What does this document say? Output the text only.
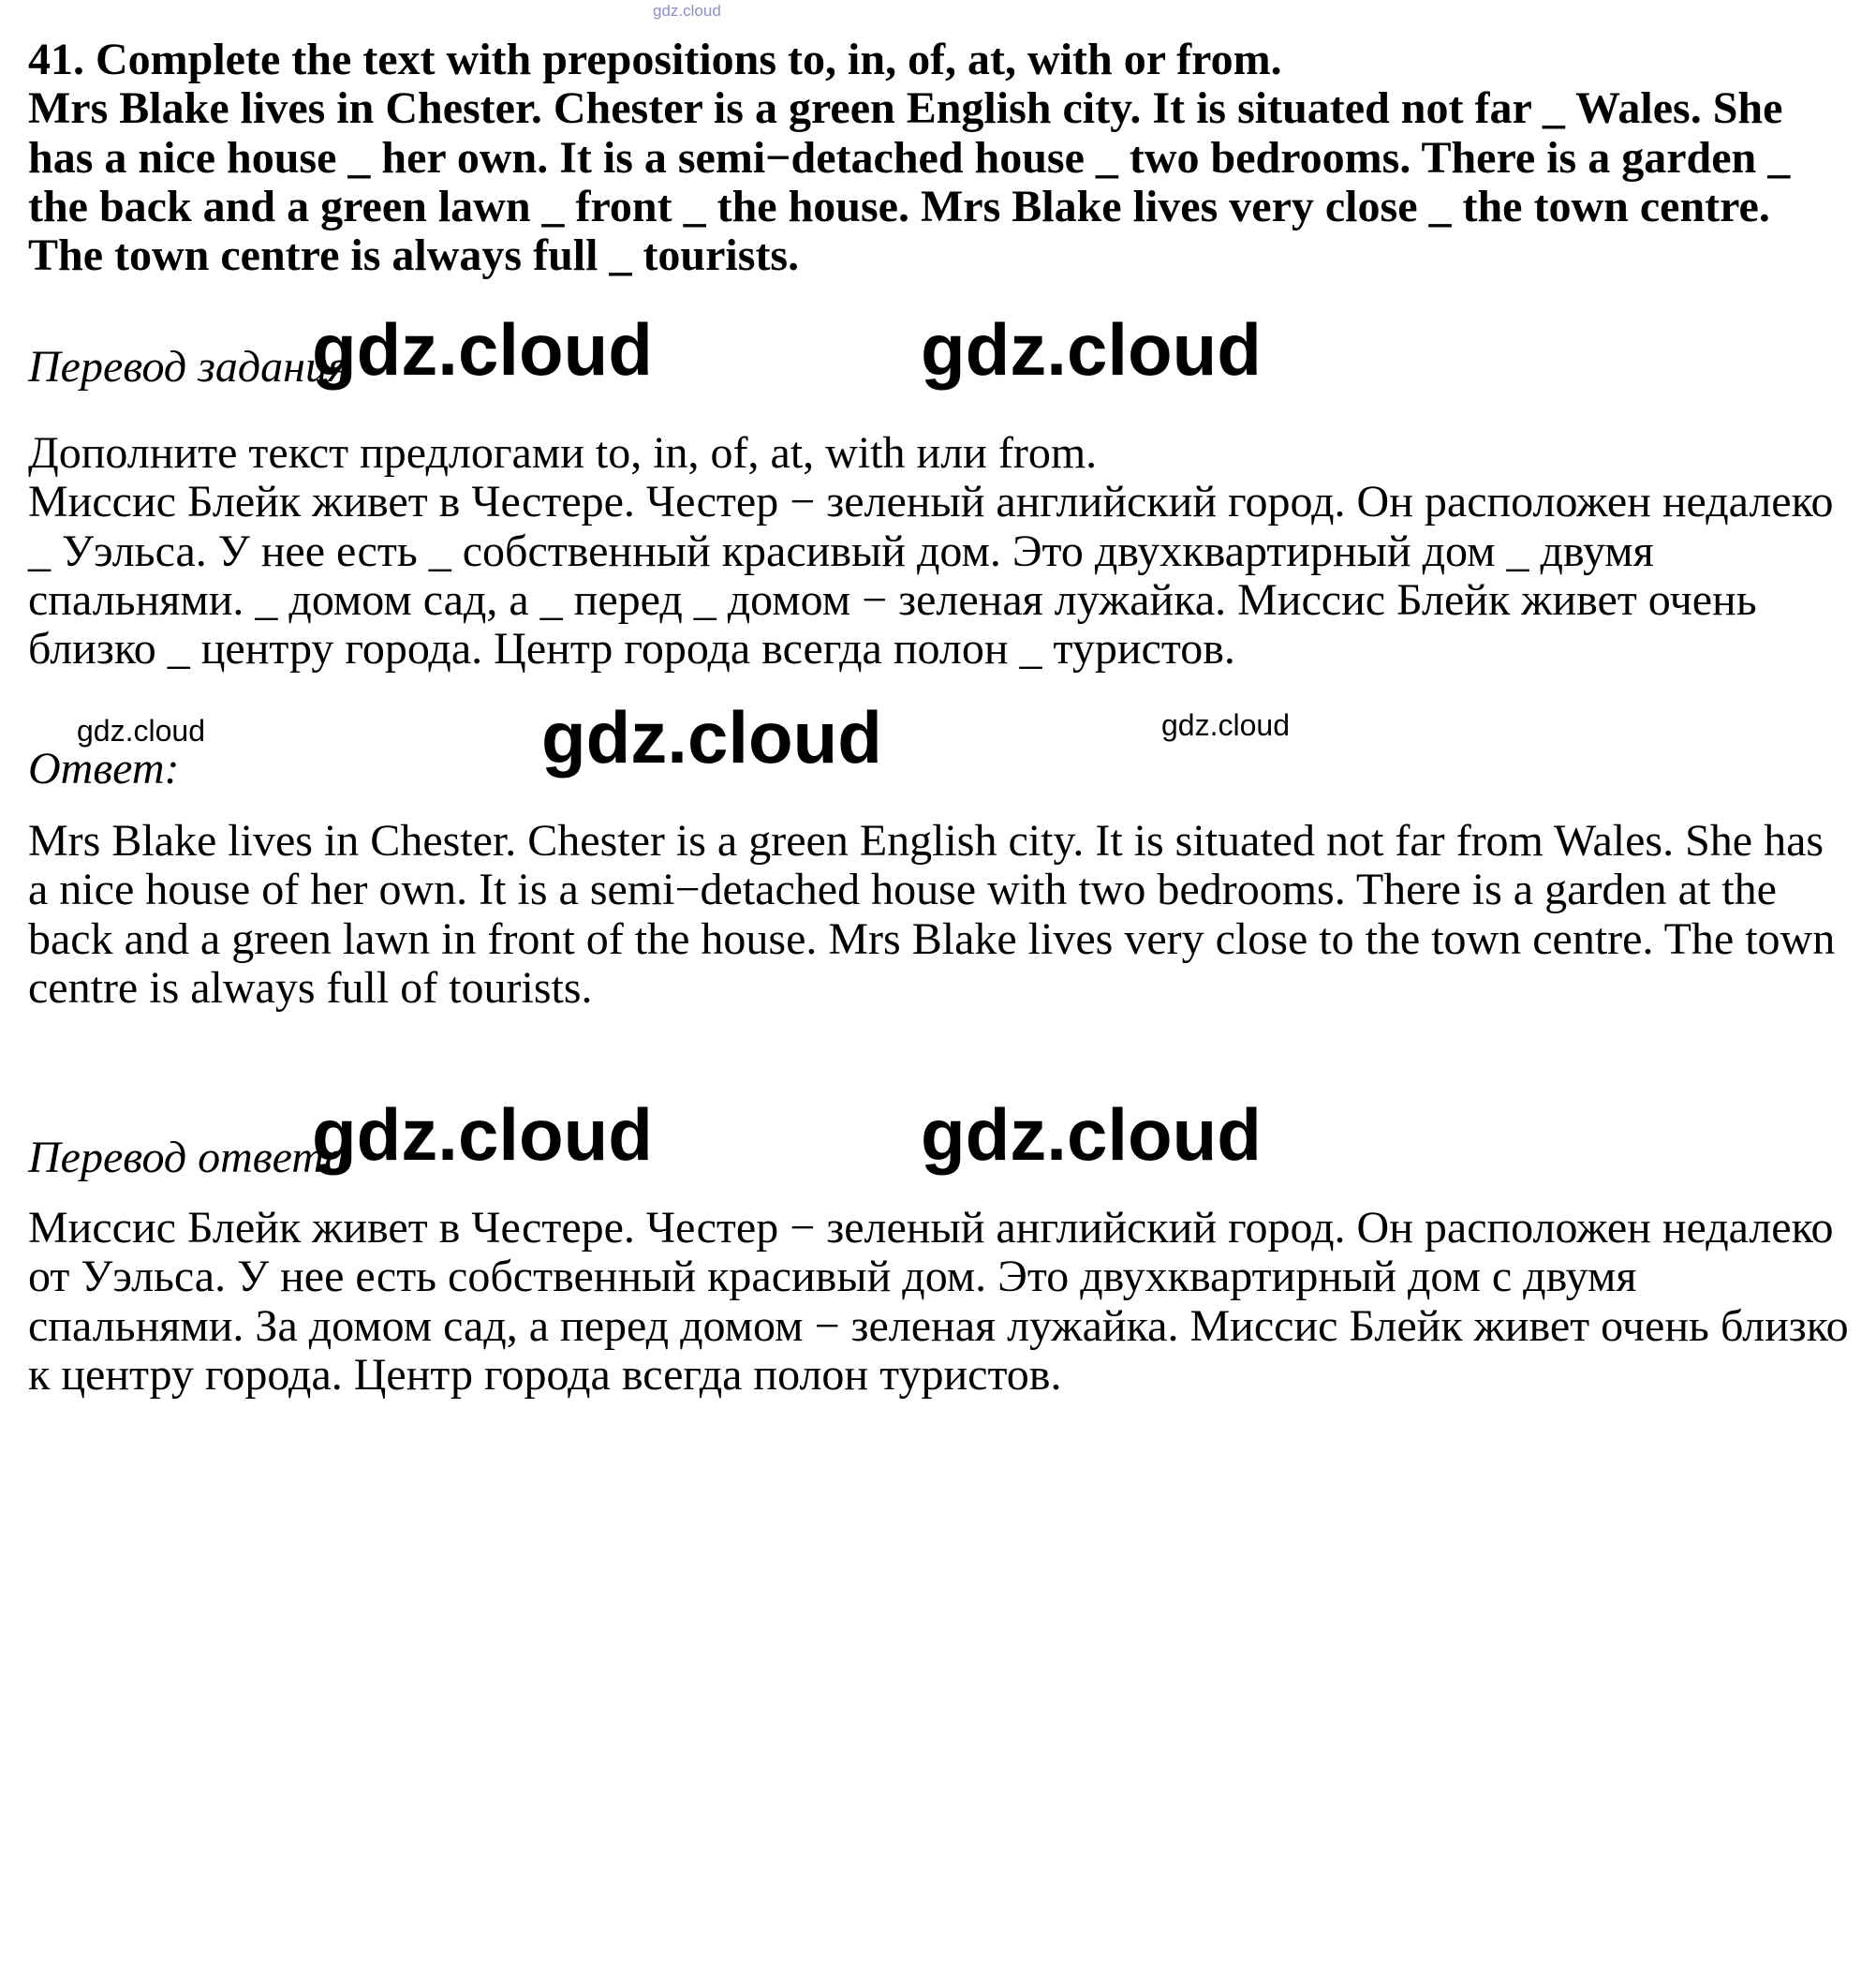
gdz.cloud

41. Complete the text with prepositions to, in, of, at, with or from.

Mrs Blake lives in Chester. Chester is a green English city. It is situated not far _ Wales. She has a nice house _ her own. It is a semi−detached house _ two bedrooms. There is a garden _ the back and a green lawn _ front _ the house. Mrs Blake lives very close _ the town centre. The town centre is always full _ tourists.

gdz.cloud	gdz.cloud
Перевод задания

Дополните текст предлогами to, in, of, at, with или from.

Миссис Блейк живет в Честере. Честер − зеленый английский город. Он расположен недалеко _ Уэльса. У нее есть _ собственный красивый дом. Это двухквартирный дом _ двумя спальнями. _ домом сад, а _ перед _ домом − зеленая лужайка. Миссис Блейк живет очень близко _ центру города. Центр города всегда полон _ туристов.

gdz.cloud	gdz.cloud	gdz.cloud
Ответ:

Mrs Blake lives in Chester. Chester is a green English city. It is situated not far from Wales. She has a nice house of her own. It is a semi−detached house with two bedrooms. There is a garden at the back and a green lawn in front of the house. Mrs Blake lives very close to the town centre. The town centre is always full of tourists.

gdz.cloud	gdz.cloud
Перевод ответа

Миссис Блейк живет в Честере. Честер − зеленый английский город. Он расположен недалеко от Уэльса. У нее есть собственный красивый дом. Это двухквартирный дом с двумя спальнями. За домом сад, а перед домом − зеленая лужайка. Миссис Блейк живет очень близко к центру города. Центр города всегда полон туристов.
